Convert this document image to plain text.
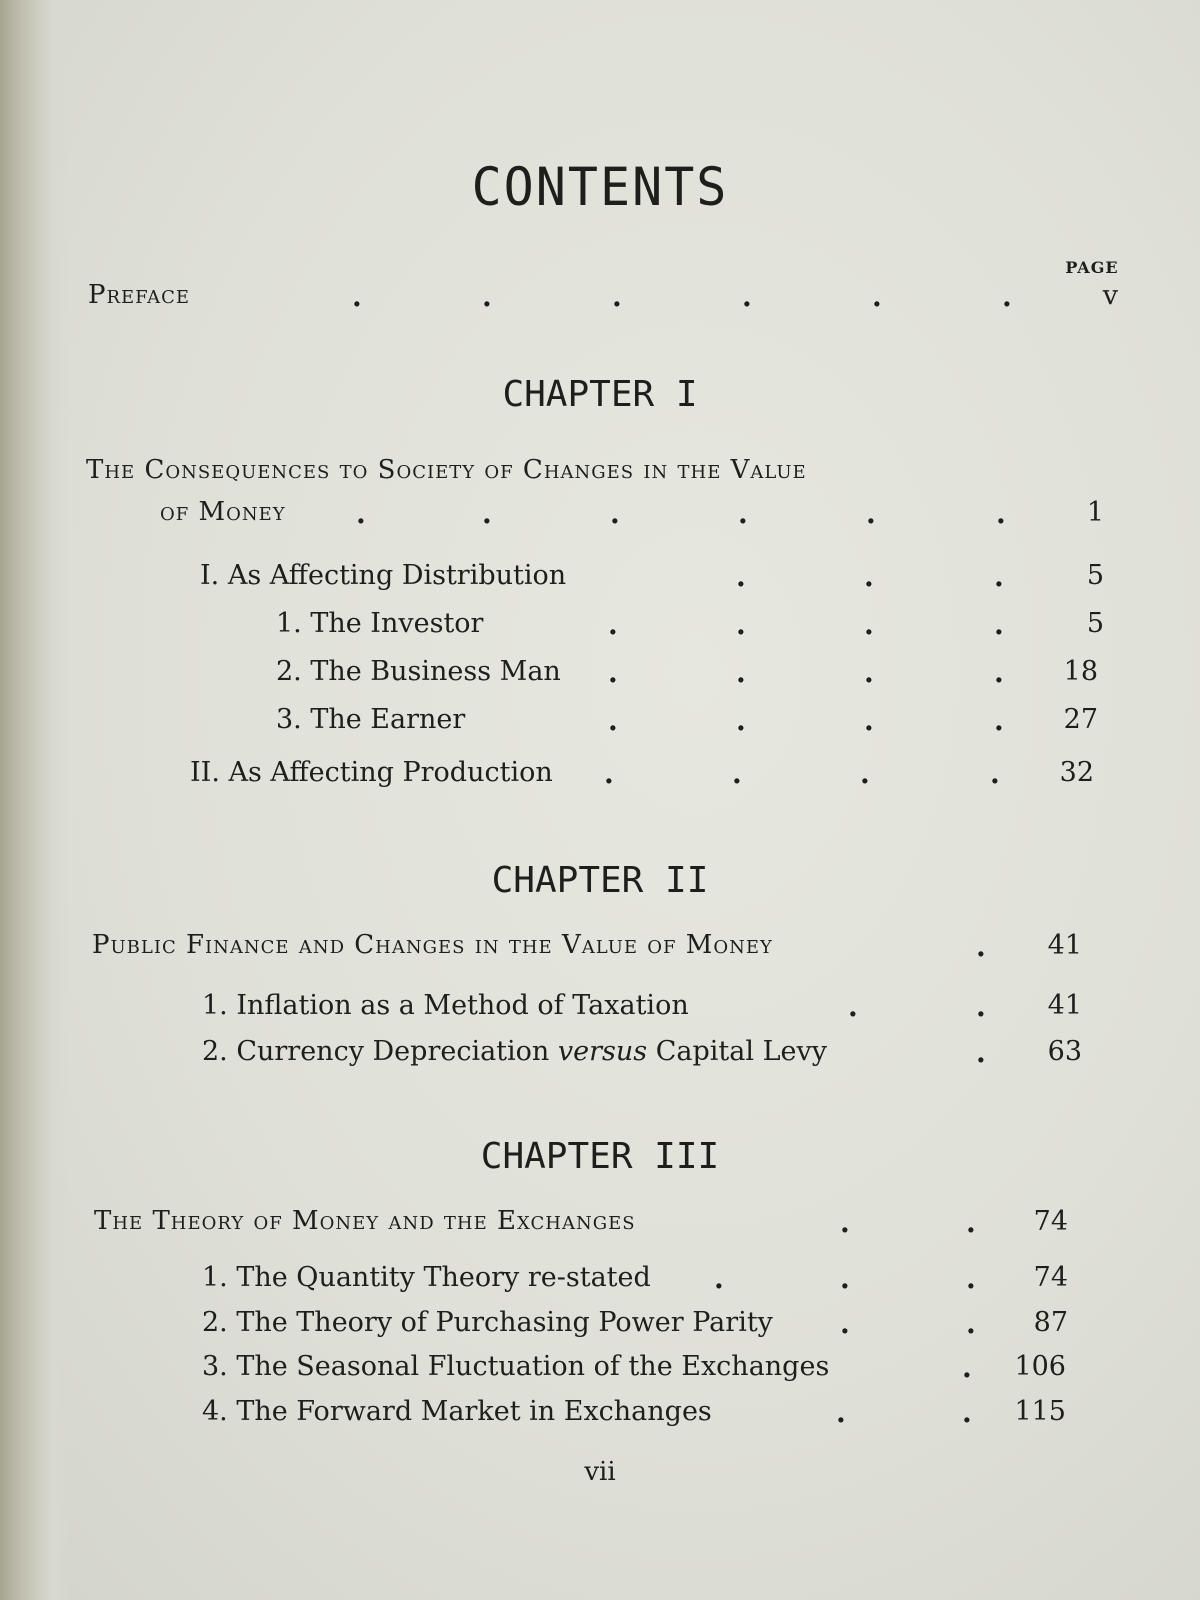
CONTENTS
PAGE
Preface	.	.	.	.	.	.	v
CHAPTER I
The Consequences to Society of Changes in the Value
of Money	.	.	.	.	.	.	1
I. As Affecting Distribution	.	.	.	5
1. The Investor	.	.	.	.	5
2. The Business Man .	.	.	.	18
3. The Earner	.	.	.	.	27
II. As Affecting Production .	.	.	.	32
CHAPTER II
Public Finance and Changes in the Value of Money	.	41
1. Inflation as a Method of Taxation	.	.	41
2. Currency Depreciation versus Capital Levy	.	63
CHAPTER III
The Theory of Money and the Exchanges	.	.	74
1. The Quantity Theory re-stated .	.	.	74
2. The Theory of Purchasing Power Parity .	.	87
3. The Seasonal Fluctuation of the Exchanges	.	106
4. The Forward Market in Exchanges	.	.	115
vii
